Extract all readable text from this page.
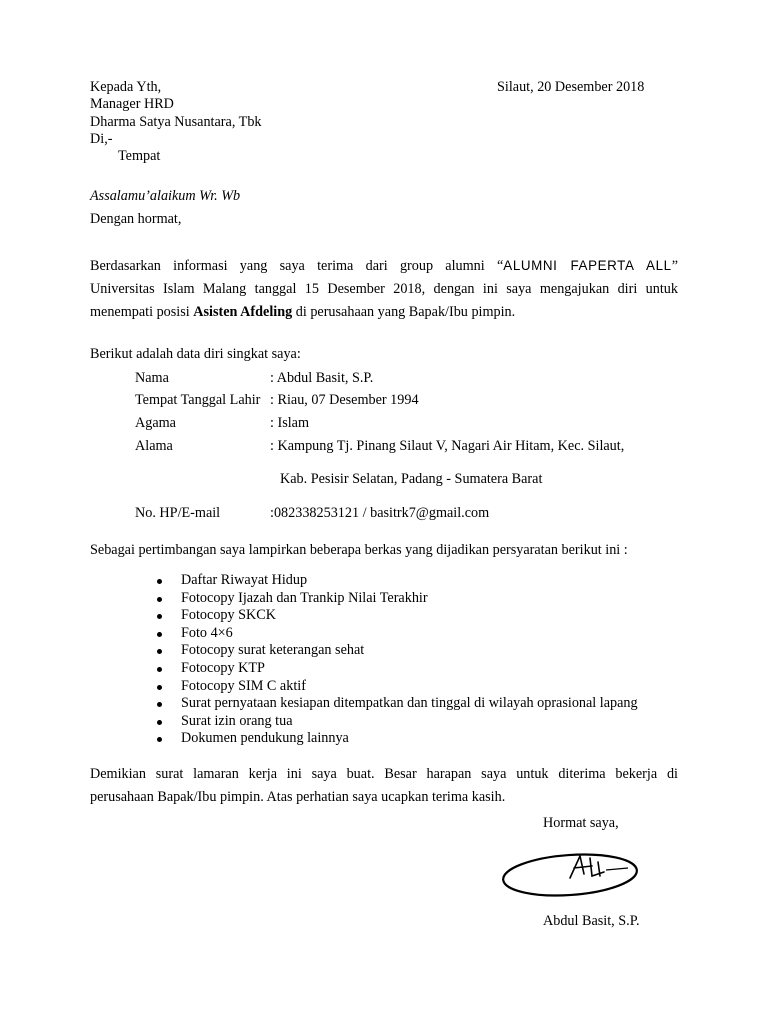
Kepada Yth,	Silaut, 20 Desember 2018
Manager HRD
Dharma Satya Nusantara, Tbk
Di,-
Tempat
Assalamu’alaikum Wr. Wb
Dengan hormat,
Berdasarkan informasi yang saya terima dari group alumni “ALUMNI FAPERTA ALL”
Universitas Islam Malang tanggal 15 Desember 2018, dengan ini saya mengajukan diri untuk
menempati posisi Asisten Afdeling di perusahaan yang Bapak/Ibu pimpin.
Berikut adalah data diri singkat saya:
Nama	: Abdul Basit, S.P.
Tempat Tanggal Lahir : Riau, 07 Desember 1994
Agama	: Islam
Alama	: Kampung Tj. Pinang Silaut V, Nagari Air Hitam, Kec. Silaut,
Kab. Pesisir Selatan, Padang - Sumatera Barat
No. HP/E-mail	:082338253121 / basitrk7@gmail.com
Sebagai pertimbangan saya lampirkan beberapa berkas yang dijadikan persyaratan berikut ini :
Daftar Riwayat Hidup
Fotocopy Ijazah dan Trankip Nilai Terakhir
Fotocopy SKCK
Foto 4×6
Fotocopy surat keterangan sehat
Fotocopy KTP
Fotocopy SIM C aktif
Surat pernyataan kesiapan ditempatkan dan tinggal di wilayah oprasional lapang
Surat izin orang tua
Dokumen pendukung lainnya
Demikian surat lamaran kerja ini saya buat. Besar harapan saya untuk diterima bekerja di
perusahaan Bapak/Ibu pimpin. Atas perhatian saya ucapkan terima kasih.
Hormat saya,
Abdul Basit, S.P.
